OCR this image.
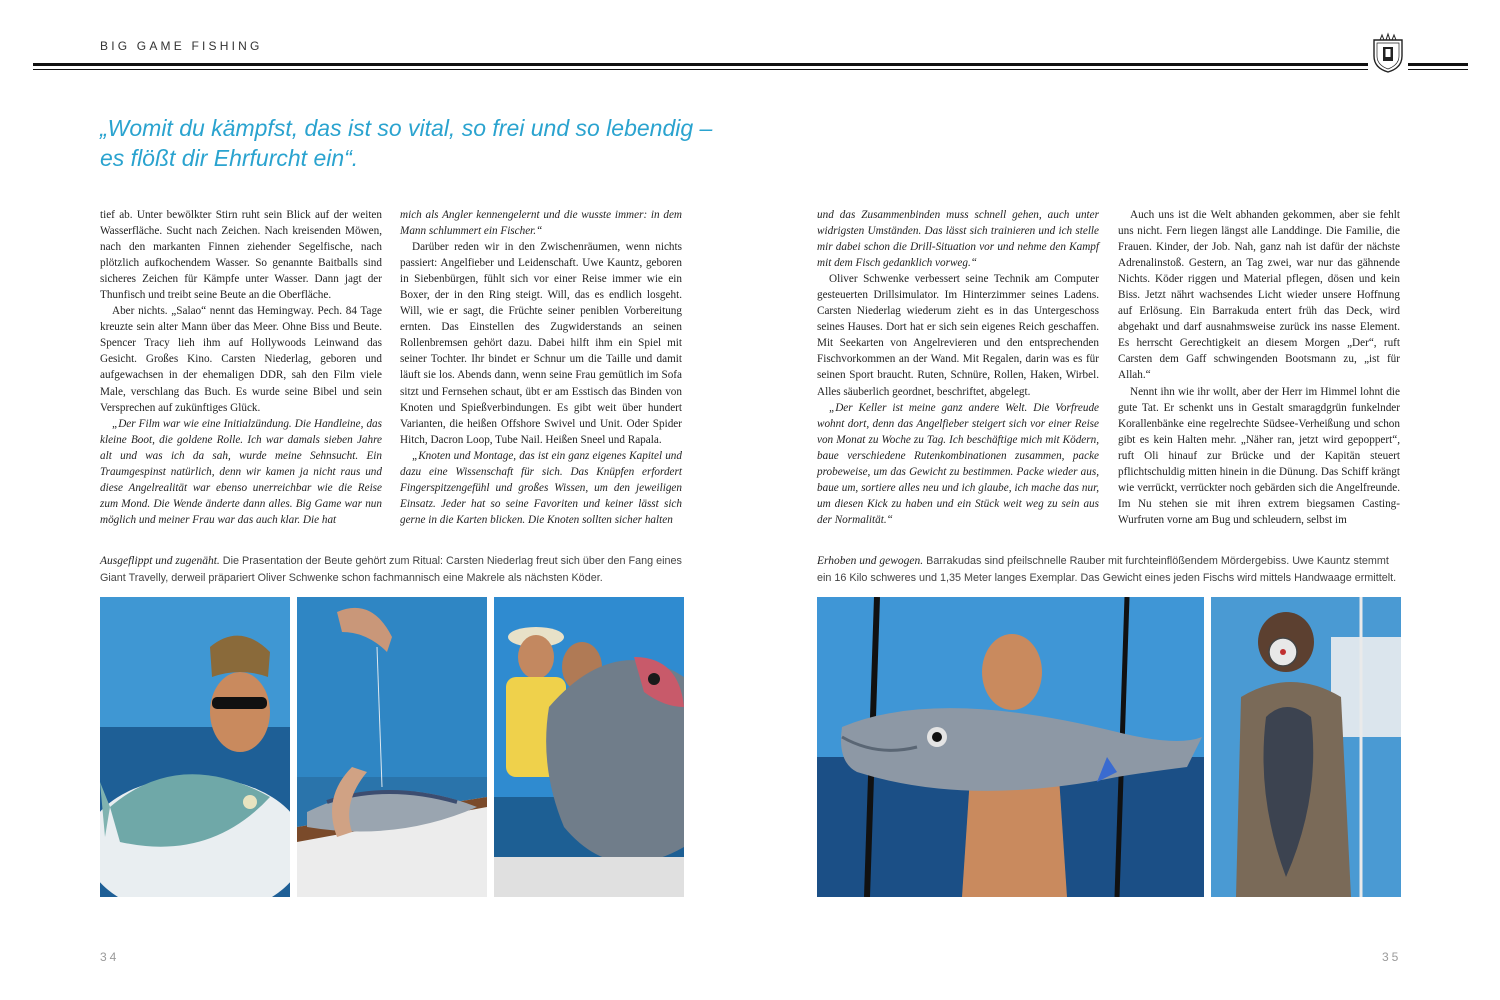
BIG GAME FISHING
„Womit du kämpfst, das ist so vital, so frei und so lebendig – es flößt dir Ehrfurcht ein“.

tief ab. Unter bewölkter Stirn ruht sein Blick auf der weiten Wasserfläche. Sucht nach Zeichen. Nach kreisenden Möwen, nach den markanten Finnen ziehender Segelfische, nach plötzlich aufkochendem Wasser. So genannte Baitballs sind sicheres Zeichen für Kämpfe unter Wasser. Dann jagt der Thunfisch und treibt seine Beute an die Oberfläche.

Aber nichts. „Salao“ nennt das Hemingway. Pech. 84 Tage kreuzte sein alter Mann über das Meer. Ohne Biss und Beute. Spencer Tracy lieh ihm auf Hollywoods Leinwand das Gesicht. Großes Kino. Carsten Niederlag, geboren und aufgewachsen in der ehemaligen DDR, sah den Film viele Male, verschlang das Buch. Es wurde seine Bibel und sein Versprechen auf zukünftiges Glück.

„Der Film war wie eine Initialzündung. Die Handleine, das kleine Boot, die goldene Rolle. Ich war damals sieben Jahre alt und was ich da sah, wurde meine Sehnsucht. Ein Traumgespinst natürlich, denn wir kamen ja nicht raus und diese Angelrealität war ebenso unerreichbar wie die Reise zum Mond. Die Wende änderte dann alles. Big Game war nun möglich und meiner Frau war das auch klar. Die hat

mich als Angler kennengelernt und die wusste immer: in dem Mann schlummert ein Fischer.“

Darüber reden wir in den Zwischenräumen, wenn nichts passiert: Angelfieber und Leidenschaft. Uwe Kauntz, geboren in Siebenbürgen, fühlt sich vor einer Reise immer wie ein Boxer, der in den Ring steigt. Will, das es endlich losgeht. Will, wie er sagt, die Früchte seiner peniblen Vorbereitung ernten. Das Einstellen des Zugwiderstands an seinen Rollenbremsen gehört dazu. Dabei hilft ihm ein Spiel mit seiner Tochter. Ihr bindet er Schnur um die Taille und damit läuft sie los. Abends dann, wenn seine Frau gemütlich im Sofa sitzt und Fernsehen schaut, übt er am Esstisch das Binden von Knoten und Spießverbindungen. Es gibt weit über hundert Varianten, die heißen Offshore Swivel und Unit. Oder Spider Hitch, Dacron Loop, Tube Nail. Heißen Sneel und Rapala.

„Knoten und Montage, das ist ein ganz eigenes Kapitel und dazu eine Wissenschaft für sich. Das Knüpfen erfordert Fingerspitzengefühl und großes Wissen, um den jeweiligen Einsatz. Jeder hat so seine Favoriten und keiner lässt sich gerne in die Karten blicken. Die Knoten sollten sicher halten

und das Zusammenbinden muss schnell gehen, auch unter widrigsten Umständen. Das lässt sich trainieren und ich stelle mir dabei schon die Drill-Situation vor und nehme den Kampf mit dem Fisch gedanklich vorweg.“

Oliver Schwenke verbessert seine Technik am Computer gesteuerten Drillsimulator. Im Hinterzimmer seines Ladens. Carsten Niederlag wiederum zieht es in das Untergeschoss seines Hauses. Dort hat er sich sein eigenes Reich geschaffen. Mit Seekarten von Angelrevieren und den entsprechenden Fischvorkommen an der Wand. Mit Regalen, darin was es für seinen Sport braucht. Ruten, Schnüre, Rollen, Haken, Wirbel. Alles säuberlich geordnet, beschriftet, abgelegt.

„Der Keller ist meine ganz andere Welt. Die Vorfreude wohnt dort, denn das Angelfieber steigert sich vor einer Reise von Monat zu Woche zu Tag. Ich beschäftige mich mit Ködern, baue verschiedene Rutenkombinationen zusammen, packe probeweise, um das Gewicht zu bestimmen. Packe wieder aus, baue um, sortiere alles neu und ich glaube, ich mache das nur, um diesen Kick zu haben und ein Stück weit weg zu sein aus der Normalität.“

Auch uns ist die Welt abhanden gekommen, aber sie fehlt uns nicht. Fern liegen längst alle Landdinge. Die Familie, die Frauen. Kinder, der Job. Nah, ganz nah ist dafür der nächste Adrenalinstoß. Gestern, an Tag zwei, war nur das gähnende Nichts. Köder riggen und Material pflegen, dösen und kein Biss. Jetzt nährt wachsendes Licht wieder unsere Hoffnung auf Erlösung. Ein Barrakuda entert früh das Deck, wird abgehakt und darf ausnahmsweise zurück ins nasse Element. Es herrscht Gerechtigkeit an diesem Morgen „Der“, ruft Carsten dem Gaff schwingenden Bootsmann zu, „ist für Allah.“

Nennt ihn wie ihr wollt, aber der Herr im Himmel lohnt die gute Tat. Er schenkt uns in Gestalt smaragdgrün funkelnder Korallenbänke eine regelrechte Südsee-Verheißung und schon gibt es kein Halten mehr. „Näher ran, jetzt wird gepoppert“, ruft Oli hinauf zur Brücke und der Kapitän steuert pflichtschuldig mitten hinein in die Dünung. Das Schiff krängt wie verrückt, verrückter noch gebärden sich die Angelfreunde. Im Nu stehen sie mit ihren extrem biegsamen Casting-Wurfruten vorne am Bug und schleudern, selbst im

Ausgeflippt und zugenäht. Die Prasentation der Beute gehört zum Ritual: Carsten Niederlag freut sich über den Fang eines Giant Travelly, derweil präpariert Oliver Schwenke schon fachmannisch eine Makrele als nächsten Köder.
Erhoben und gewogen. Barrakudas sind pfeilschnelle Rauber mit furchteinflößendem Mördergebiss. Uwe Kauntz stemmt ein 16 Kilo schweres und 1,35 Meter langes Exemplar. Das Gewicht eines jeden Fischs wird mittels Handwaage ermittelt.
34	35
